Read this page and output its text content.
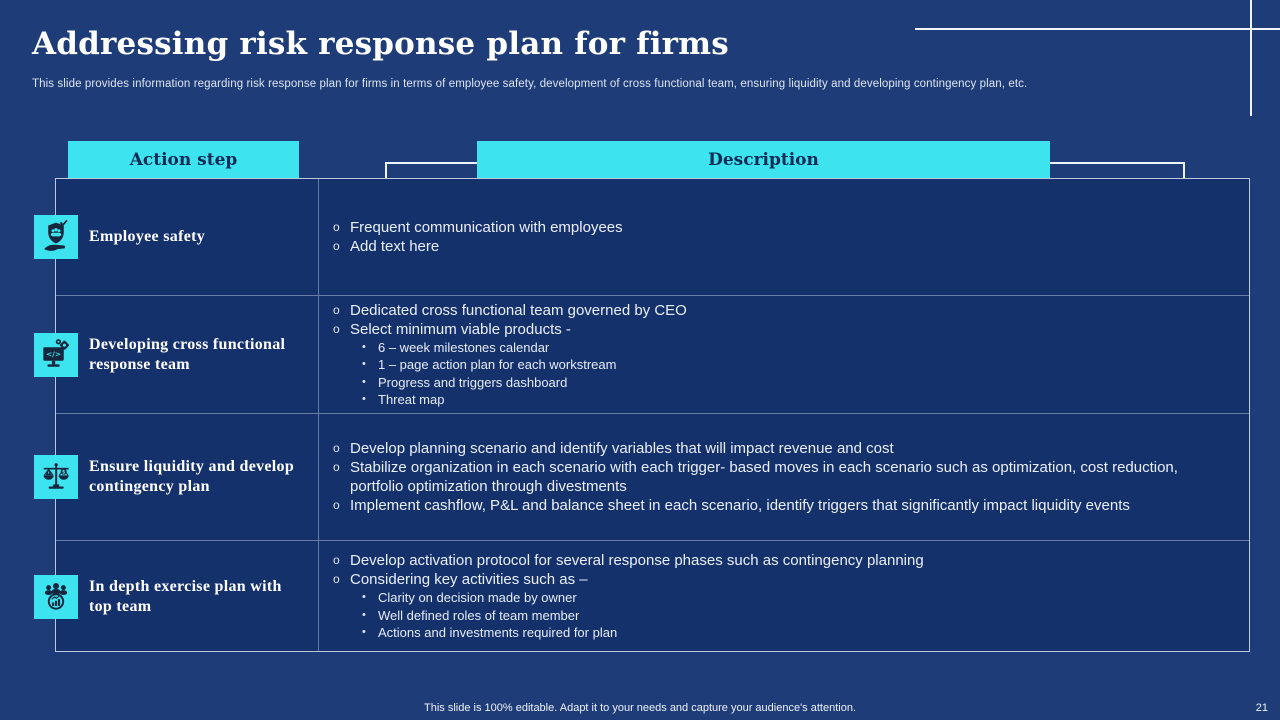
Addressing risk response plan for firms

This slide provides information regarding risk response plan for firms in terms of employee safety, development of cross functional team, ensuring liquidity and developing contingency plan, etc.

Action step	Description
Employee safety
o Frequent communication with employees
o Add text here
</>
Developing cross functional response team
o Dedicated cross functional team governed by CEO
o Select minimum viable products -
• 6 – week milestones calendar
• 1 – page action plan for each workstream
• Progress and triggers dashboard
• Threat map
$ Ensure liquidity and develop contingency plan
o Develop planning scenario and identify variables that will impact revenue and cost
o Stabilize organization in each scenario with each trigger- based moves in each scenario such as optimization, cost reduction, portfolio optimization through divestments
o Implement cashflow, P&L and balance sheet in each scenario, identify triggers that significantly impact liquidity events
In depth exercise plan with top team
o Develop activation protocol for several response phases such as contingency planning
o Considering key activities such as –
• Clarity on decision made by owner
• Well defined roles of team member
• Actions and investments required for plan
This slide is 100% editable. Adapt it to your needs and capture your audience's attention.	21
